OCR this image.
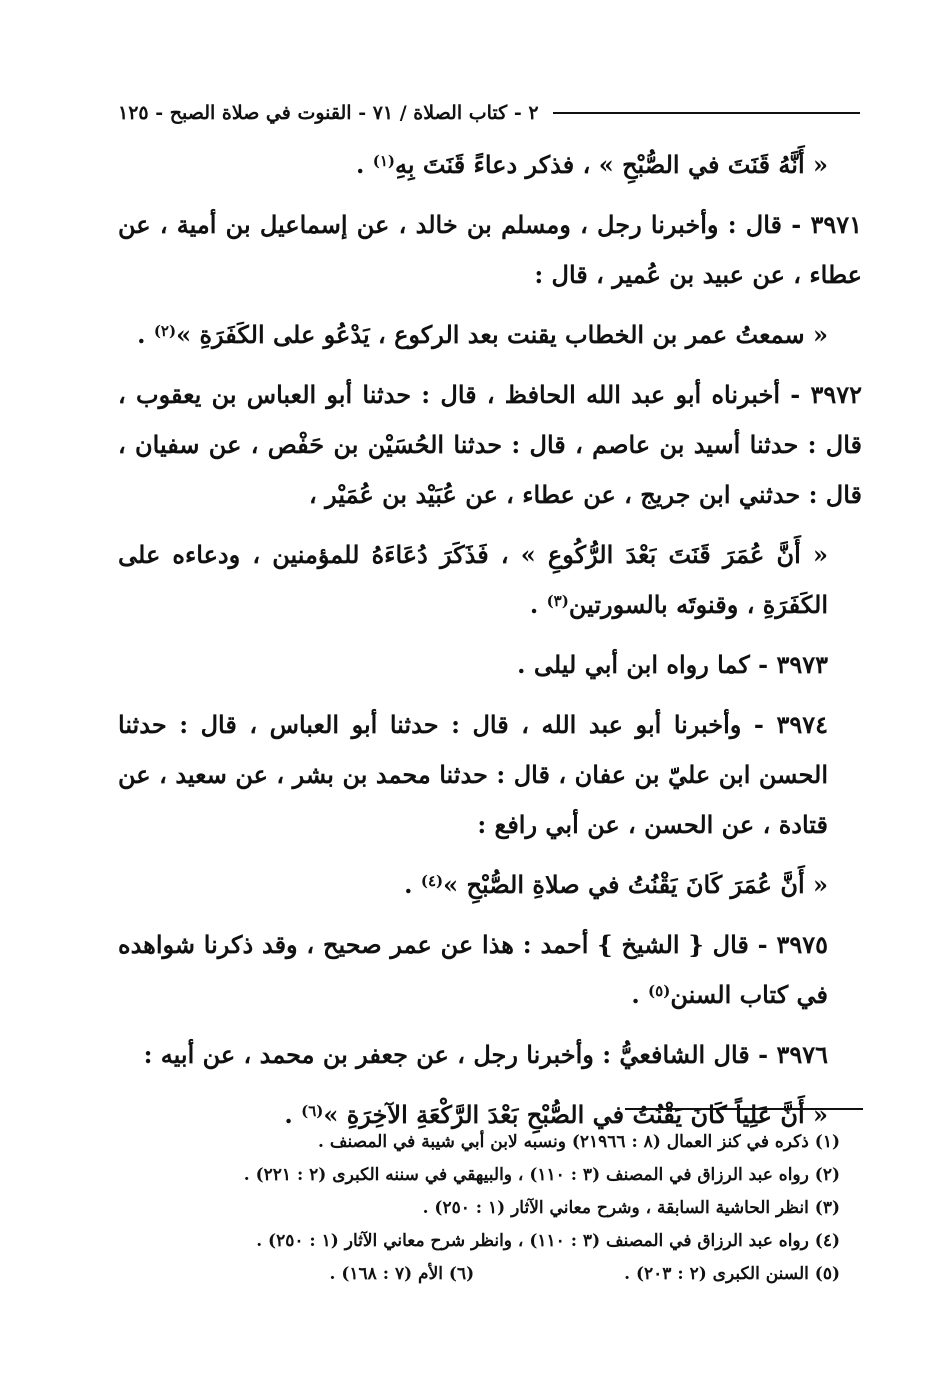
٢ - كتاب الصلاة / ٧١ - القنوت في صلاة الصبح - ١٢٥

« أَنَّهُ قَنَتَ في الصُّبْحِ » ، فذكر دعاءً قَنَتَ بِهِ$^{(١)}$ .

٣٩٧١ - قال : وأخبرنا رجل ، ومسلم بن خالد ، عن إسماعيل بن أمية ، عن عطاء ، عن عبيد بن عُمير ، قال :

« سمعتُ عمر بن الخطاب يقنت بعد الركوع ، يَدْعُو على الكَفَرَةِ »$^{(٢)}$ .

٣٩٧٢ - أخبرناه أبو عبد الله الحافظ ، قال : حدثنا أبو العباس بن يعقوب ، قال : حدثنا أسيد بن عاصم ، قال : حدثنا الحُسَيْن بن حَفْص ، عن سفيان ، قال : حدثني ابن جريج ، عن عطاء ، عن عُبَيْد بن عُمَيْر ،

« أَنَّ عُمَرَ قَنَتَ بَعْدَ الرُّكُوعِ » ، فَذَكَرَ دُعَاءَهُ للمؤمنين ، ودعاءه على الكَفَرَةِ ، وقنوتَه بالسورتين$^{(٣)}$ .

٣٩٧٣ - كما رواه ابن أبي ليلى .

٣٩٧٤ - وأخبرنا أبو عبد الله ، قال : حدثنا أبو العباس ، قال : حدثنا الحسن ابن عليّ بن عفان ، قال : حدثنا محمد بن بشر ، عن سعيد ، عن قتادة ، عن الحسن ، عن أبي رافع :

« أَنَّ عُمَرَ كَانَ يَقْنُتُ في صلاةِ الصُّبْحِ »$^{(٤)}$ .

٣٩٧٥ - قال { الشيخ } أحمد : هذا عن عمر صحيح ، وقد ذكرنا شواهده في كتاب السنن$^{(٥)}$ .

٣٩٧٦ - قال الشافعيُّ : وأخبرنا رجل ، عن جعفر بن محمد ، عن أبيه :

« أَنَّ عَلِياً كَانَ يَقْنُتُ في الصُّبْحِ بَعْدَ الرَّكْعَةِ الآخِرَةِ »$^{(٦)}$ .

(١) ذكره في كنز العمال (٨ : ٢١٩٦٦) ونسبه لابن أبي شيبة في المصنف .
(٢) رواه عبد الرزاق في المصنف (٣ : ١١٠) ، والبيهقي في سننه الكبرى (٢ : ٢٢١) .
(٣) انظر الحاشية السابقة ، وشرح معاني الآثار (١ : ٢٥٠) .
(٤) رواه عبد الرزاق في المصنف (٣ : ١١٠) ، وانظر شرح معاني الآثار (١ : ٢٥٠) .
(٥) السنن الكبرى (٢ : ٢٠٣) .
(٦) الأم (٧ : ١٦٨) .
